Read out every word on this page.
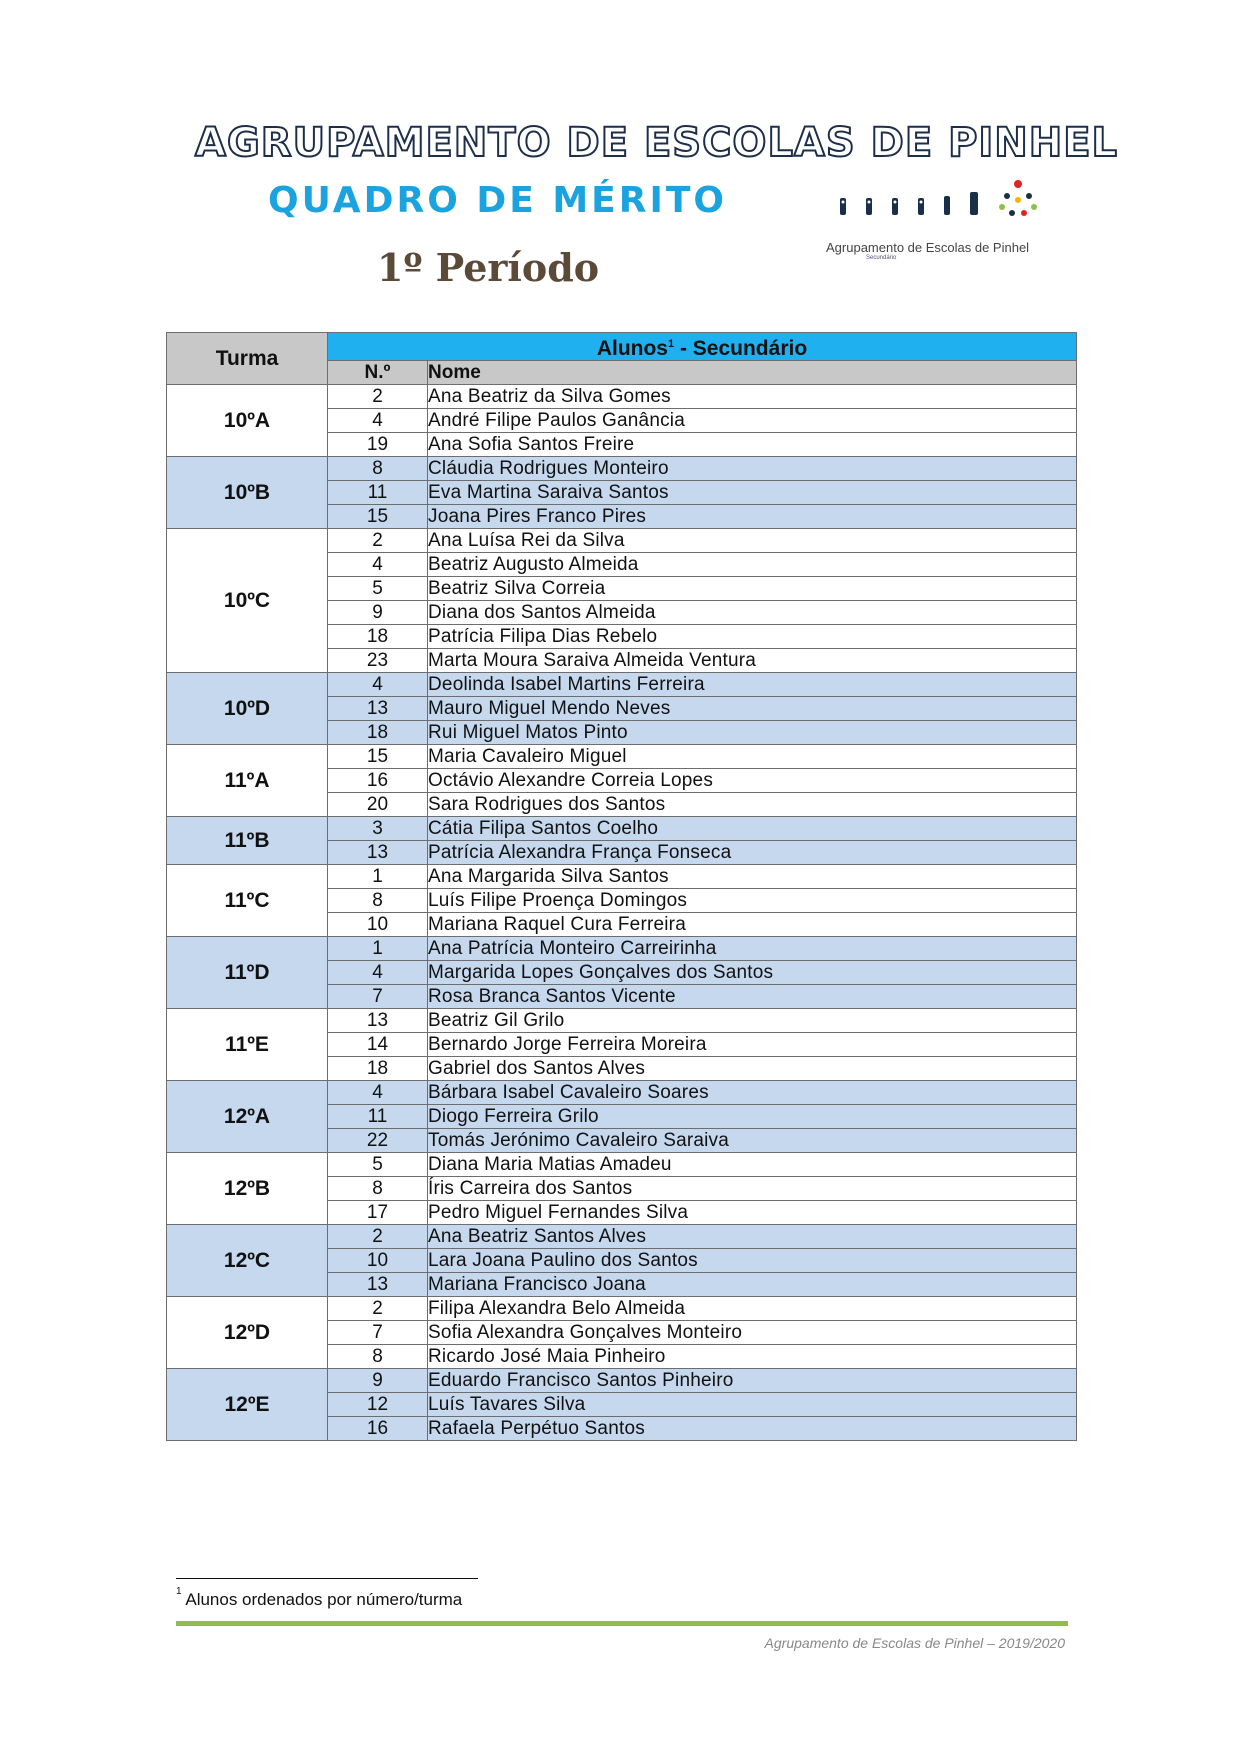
AGRUPAMENTO DE ESCOLAS DE PINHEL
QUADRO DE MÉRITO
1º Período	Agrupamento de Escolas de Pinhel
Secundário
Turma	Alunos$^1$ - Secundário	
	N.º	Nome
10ºA	2	Ana Beatriz da Silva Gomes
	4	André Filipe Paulos Ganância
	19	Ana Sofia Santos Freire
10ºB	8	Cláudia Rodrigues Monteiro
	11	Eva Martina Saraiva Santos
	15	Joana Pires Franco Pires
10ºC	2	Ana Luísa Rei da Silva
	4	Beatriz Augusto Almeida
	5	Beatriz Silva Correia
	9	Diana dos Santos Almeida
	18	Patrícia Filipa Dias Rebelo
	23	Marta Moura Saraiva Almeida Ventura
10ºD	4	Deolinda Isabel Martins Ferreira
	13	Mauro Miguel Mendo Neves
	18	Rui Miguel Matos Pinto
11ºA	15	Maria Cavaleiro Miguel
	16	Octávio Alexandre Correia Lopes
	20	Sara Rodrigues dos Santos
11ºB	3	Cátia Filipa Santos Coelho
	13	Patrícia Alexandra França Fonseca
11ºC	1	Ana Margarida Silva Santos
	8	Luís Filipe Proença Domingos
	10	Mariana Raquel Cura Ferreira
11ºD	1	Ana Patrícia Monteiro Carreirinha
	4	Margarida Lopes Gonçalves dos Santos
	7	Rosa Branca Santos Vicente
11ºE	13	Beatriz Gil Grilo
	14	Bernardo Jorge Ferreira Moreira
	18	Gabriel dos Santos Alves
12ºA	4	Bárbara Isabel Cavaleiro Soares
	11	Diogo Ferreira Grilo
	22	Tomás Jerónimo Cavaleiro Saraiva
12ºB	5	Diana Maria Matias Amadeu
	8	Íris Carreira dos Santos
	17	Pedro Miguel Fernandes Silva
12ºC	2	Ana Beatriz Santos Alves
	10	Lara Joana Paulino dos Santos
	13	Mariana Francisco Joana
12ºD	2	Filipa Alexandra Belo Almeida
	7	Sofia Alexandra Gonçalves Monteiro
	8	Ricardo José Maia Pinheiro
12ºE	9	Eduardo Francisco Santos Pinheiro
	12	Luís Tavares Silva
	16	Rafaela Perpétuo Santos
$^1$ Alunos ordenados por número/turma
Agrupamento de Escolas de Pinhel – 2019/2020
